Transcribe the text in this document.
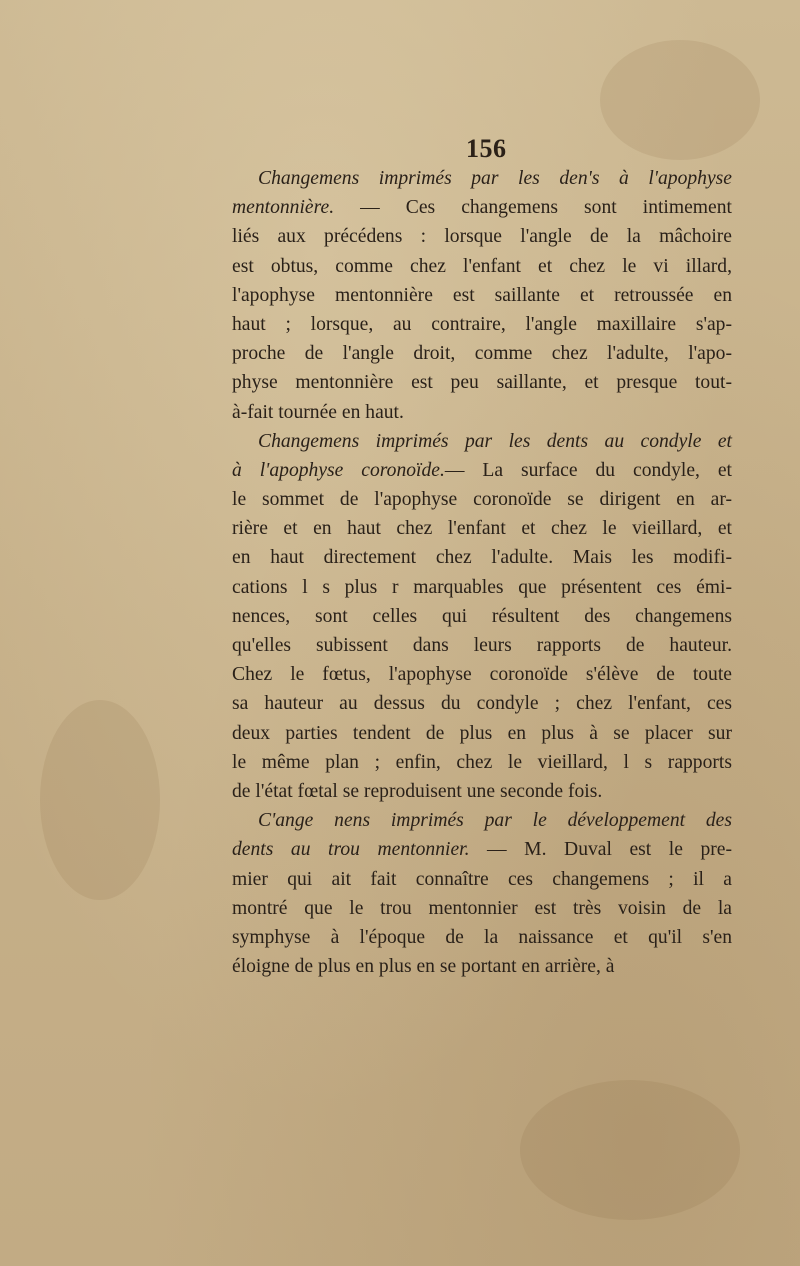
156
Changemens imprimés par les den's à l'apophyse
mentonnière. — Ces changemens sont intimement
liés aux précédens : lorsque l'angle de la mâchoire
est obtus, comme chez l'enfant et chez le vi illard,
l'apophyse mentonnière est saillante et retroussée en
haut ; lorsque, au contraire, l'angle maxillaire s'ap-
proche de l'angle droit, comme chez l'adulte, l'apo-
physe mentonnière est peu saillante, et presque tout-
à-fait tournée en haut.
Changemens imprimés par les dents au condyle et
à l'apophyse coronoïde.— La surface du condyle, et
le sommet de l'apophyse coronoïde se dirigent en ar-
rière et en haut chez l'enfant et chez le vieillard, et
en haut directement chez l'adulte. Mais les modifi-
cations l s plus r marquables que présentent ces émi-
nences, sont celles qui résultent des changemens
qu'elles subissent dans leurs rapports de hauteur.
Chez le fœtus, l'apophyse coronoïde s'élève de toute
sa hauteur au dessus du condyle ; chez l'enfant, ces
deux parties tendent de plus en plus à se placer sur
le même plan ; enfin, chez le vieillard, l s rapports
de l'état fœtal se reproduisent une seconde fois.
C'ange nens imprimés par le développement des
dents au trou mentonnier. — M. Duval est le pre-
mier qui ait fait connaître ces changemens ; il a
montré que le trou mentonnier est très voisin de la
symphyse à l'époque de la naissance et qu'il s'en
éloigne de plus en plus en se portant en arrière, à
